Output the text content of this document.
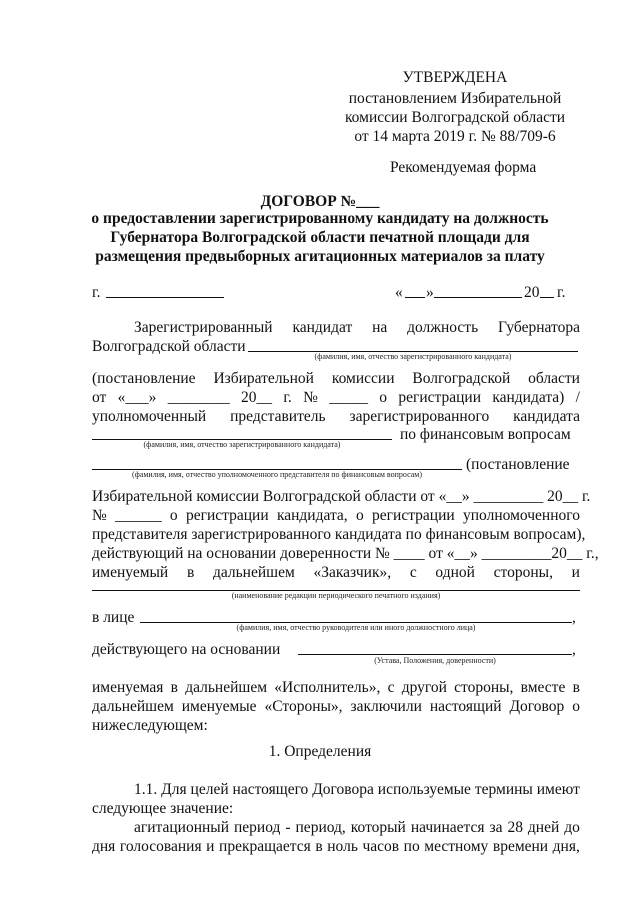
УТВЕРЖДЕНА
постановлением Избирательной
комиссии Волгоградской области
от 14 марта 2019 г. № 88/709-6
Рекомендуемая форма
ДОГОВОР №___
о предоставлении зарегистрированному кандидату на должность
Губернатора Волгоградской области печатной площади для
размещения предвыборных агитационных материалов за плату
г.	« »	20 г.
Зарегистрированный кандидат на должность Губернатора
Волгоградской области
(фамилия, имя, отчество зарегистрированного кандидата)
(постановление Избирательной комиссии Волгоградской области
от «___» ________ 20__ г. № _____ о регистрации кандидата) /
уполномоченный представитель зарегистрированного кандидата
по финансовым вопросам
(фамилия, имя, отчество зарегистрированного кандидата)
(постановление
(фамилия, имя, отчество уполномоченного представителя по финансовым вопросам)
Избирательной комиссии Волгоградской области от «__» _________ 20__ г.
№ ______ о регистрации кандидата, о регистрации уполномоченного
представителя зарегистрированного кандидата по финансовым вопросам),
действующий на основании доверенности № ____ от «__» _________20__ г.,
именуемый в дальнейшем «Заказчик», с одной стороны, и
(наименование редакции периодического печатного издания)
в лице	,
(фамилия, имя, отчество руководителя или иного должностного лица)
действующего на основании	,
(Устава, Положения, доверенности)
именуемая в дальнейшем «Исполнитель», с другой стороны, вместе в
дальнейшем именуемые «Стороны», заключили настоящий Договор о
нижеследующем:
1. Определения
1.1. Для целей настоящего Договора используемые термины имеют
следующее значение:
агитационный период - период, который начинается за 28 дней до
дня голосования и прекращается в ноль часов по местному времени дня,
